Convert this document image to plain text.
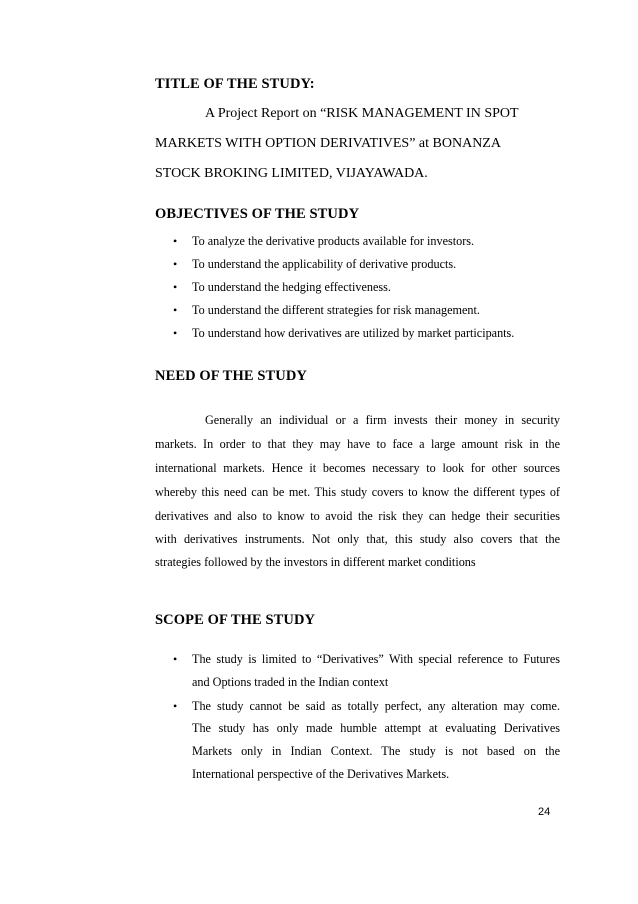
TITLE OF THE STUDY:
A Project Report on “RISK MANAGEMENT IN SPOT
MARKETS WITH OPTION DERIVATIVES” at BONANZA
STOCK BROKING LIMITED, VIJAYAWADA.
OBJECTIVES OF THE STUDY
• To analyze the derivative products available for investors.
• To understand the applicability of derivative products.
• To understand the hedging effectiveness.
• To understand the different strategies for risk management.
• To understand how derivatives are utilized by market participants.
NEED OF THE STUDY
Generally an individual or a firm invests their money in security
markets. In order to that they may have to face a large amount risk in the
international markets. Hence it becomes necessary to look for other sources
whereby this need can be met. This study covers to know the different types of
derivatives and also to know to avoid the risk they can hedge their securities
with derivatives instruments. Not only that, this study also covers that the
strategies followed by the investors in different market conditions
SCOPE OF THE STUDY
• The study is limited to “Derivatives” With special reference to Futures
and Options traded in the Indian context
• The study cannot be said as totally perfect, any alteration may come.
The study has only made humble attempt at evaluating Derivatives
Markets only in Indian Context. The study is not based on the
International perspective of the Derivatives Markets.
24
